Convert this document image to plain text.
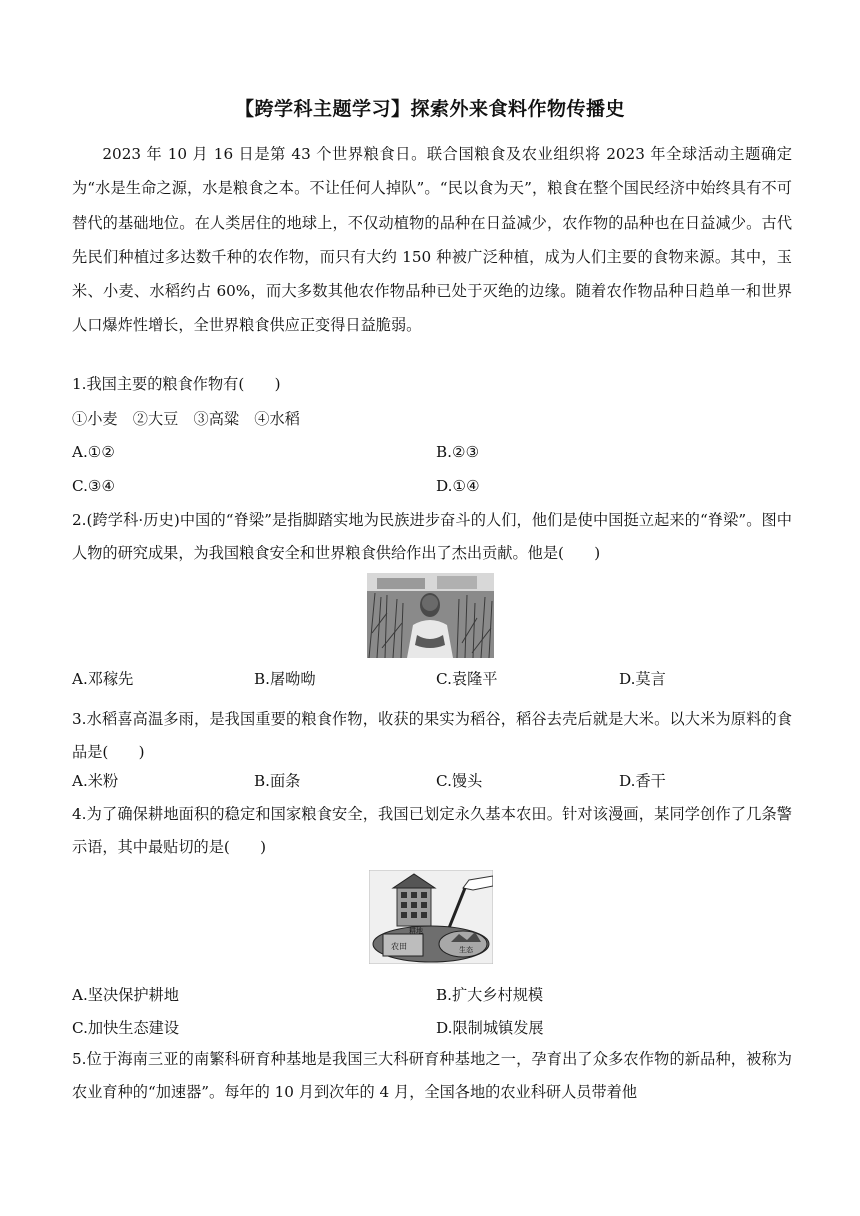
【跨学科主题学习】探索外来食料作物传播史

2023 年 10 月 16 日是第 43 个世界粮食日。联合国粮食及农业组织将 2023 年全球活动主题确定为“水是生命之源，水是粮食之本。不让任何人掉队”。“民以食为天”，粮食在整个国民经济中始终具有不可替代的基础地位。在人类居住的地球上，不仅动植物的品种在日益减少，农作物的品种也在日益减少。古代先民们种植过多达数千种的农作物，而只有大约 150 种被广泛种植，成为人们主要的食物来源。其中，玉米、小麦、水稻约占 60%，而大多数其他农作物品种已处于灭绝的边缘。随着农作物品种日趋单一和世界人口爆炸性增长，全世界粮食供应正变得日益脆弱。

1.我国主要的粮食作物有(　　)
①小麦　②大豆　③高粱　④水稻
A.①②	B.②③
C.③④	D.①④
2.(跨学科·历史)中国的“脊梁”是指脚踏实地为民族进步奋斗的人们，他们是使中国挺立起来的“脊梁”。图中人物的研究成果，为我国粮食安全和世界粮食供给作出了杰出贡献。他是(　　)
A.邓稼先	B.屠呦呦	C.袁隆平	D.莫言
3.水稻喜高温多雨，是我国重要的粮食作物，收获的果实为稻谷，稻谷去壳后就是大米。以大米为原料的食品是(　　)
A.米粉	B.面条	C.馒头	D.香干
4.为了确保耕地面积的稳定和国家粮食安全，我国已划定永久基本农田。针对该漫画，某同学创作了几条警示语，其中最贴切的是(　　)
耕地
农田	生态
A.坚决保护耕地	B.扩大乡村规模
C.加快生态建设	D.限制城镇发展
5.位于海南三亚的南繁科研育种基地是我国三大科研育种基地之一，孕育出了众多农作物的新品种，被称为农业育种的“加速器”。每年的 10 月到次年的 4 月，全国各地的农业科研人员带着他
